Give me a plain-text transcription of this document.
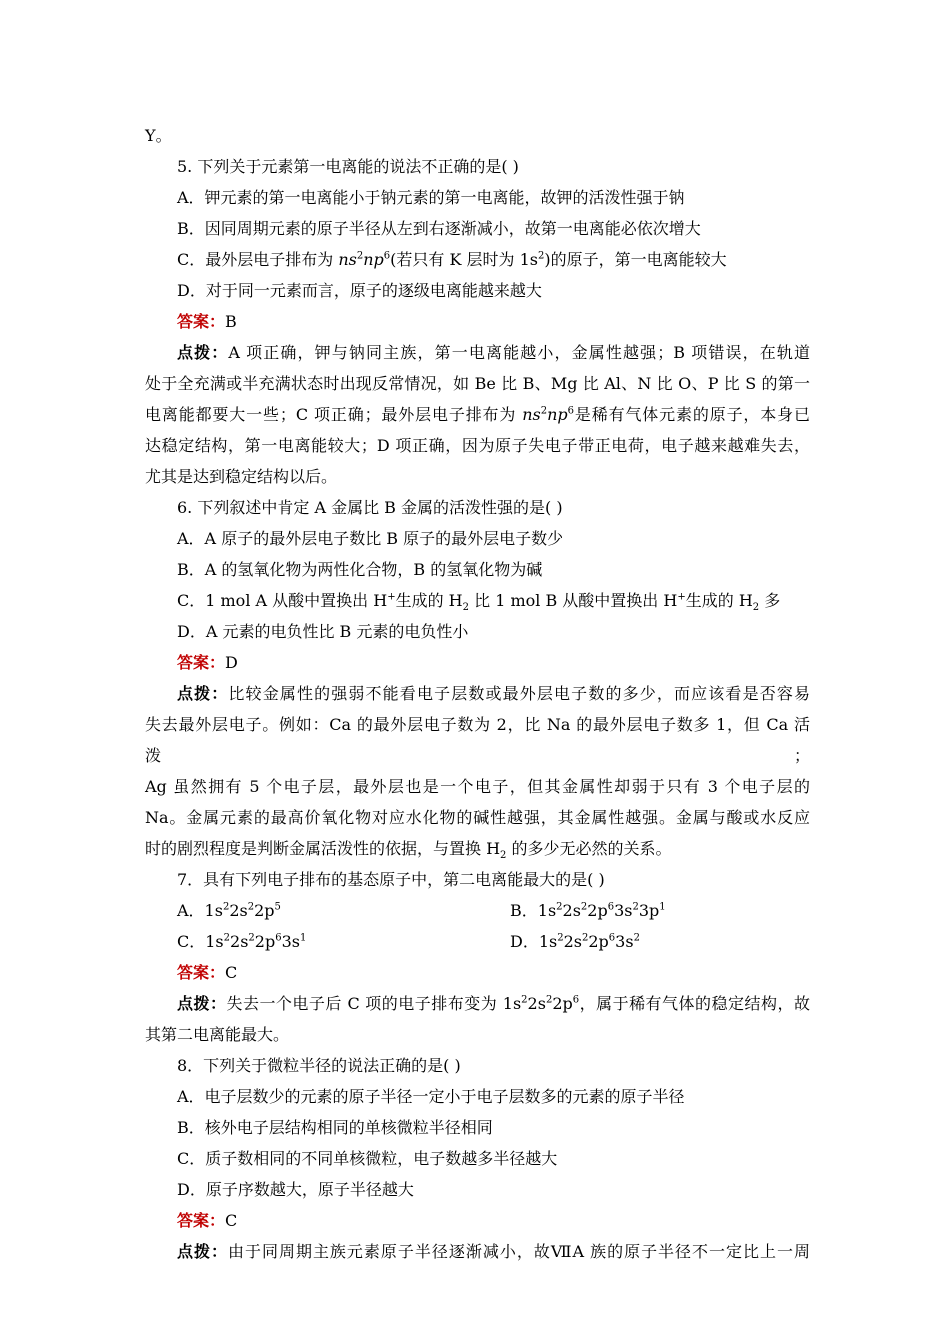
Y。
5. 下列关于元素第一电离能的说法不正确的是( )
A．钾元素的第一电离能小于钠元素的第一电离能，故钾的活泼性强于钠
B．因同周期元素的原子半径从左到右逐渐减小，故第一电离能必依次增大
C．最外层电子排布为 $ns^2np^6$(若只有 K 层时为 $1s^2$)的原子，第一电离能较大
D．对于同一元素而言，原子的逐级电离能越来越大
答案：B
点拨：A 项正确，钾与钠同主族，第一电离能越小，金属性越强；B 项错误，在轨道
处于全充满或半充满状态时出现反常情况，如 Be 比 B、Mg 比 Al、N 比 O、P 比 S 的第一
电离能都要大一些；C 项正确；最外层电子排布为 $ns^2np^6$是稀有气体元素的原子，本身已
达稳定结构，第一电离能较大；D 项正确，因为原子失电子带正电荷，电子越来越难失去，
尤其是达到稳定结构以后。
6. 下列叙述中肯定 A 金属比 B 金属的活泼性强的是( )
A．A 原子的最外层电子数比 B 原子的最外层电子数少
B．A 的氢氧化物为两性化合物，B 的氢氧化物为碱
C．1 mol A 从酸中置换出 H+生成的 $H_2$ 比 1 mol B 从酸中置换出 H+生成的 $H_2$ 多
D．A 元素的电负性比 B 元素的电负性小
答案：D
点拨：比较金属性的强弱不能看电子层数或最外层电子数的多少，而应该看是否容易
失去最外层电子。例如：Ca 的最外层电子数为 2，比 Na 的最外层电子数多 1，但 Ca 活泼；
Ag 虽然拥有 5 个电子层，最外层也是一个电子，但其金属性却弱于只有 3 个电子层的
Na。金属元素的最高价氧化物对应水化物的碱性越强，其金属性越强。金属与酸或水反应
时的剧烈程度是判断金属活泼性的依据，与置换 $H_2$ 的多少无必然的关系。
7．具有下列电子排布的基态原子中，第二电离能最大的是( )
A．$1s^22s^22p^5$	B．$1s^22s^22p^63s^23p^1$
C．$1s^22s^22p^63s^1$	D．$1s^22s^22p^63s^2$
答案：C
点拨：失去一个电子后 C 项的电子排布变为 $1s^22s^22p^6$，属于稀有气体的稳定结构，故
其第二电离能最大。
8．下列关于微粒半径的说法正确的是( )
A．电子层数少的元素的原子半径一定小于电子层数多的元素的原子半径
B．核外电子层结构相同的单核微粒半径相同
C．质子数相同的不同单核微粒，电子数越多半径越大
D．原子序数越大，原子半径越大
答案：C
点拨：由于同周期主族元素原子半径逐渐减小，故ⅦA 族的原子半径不一定比上一周
